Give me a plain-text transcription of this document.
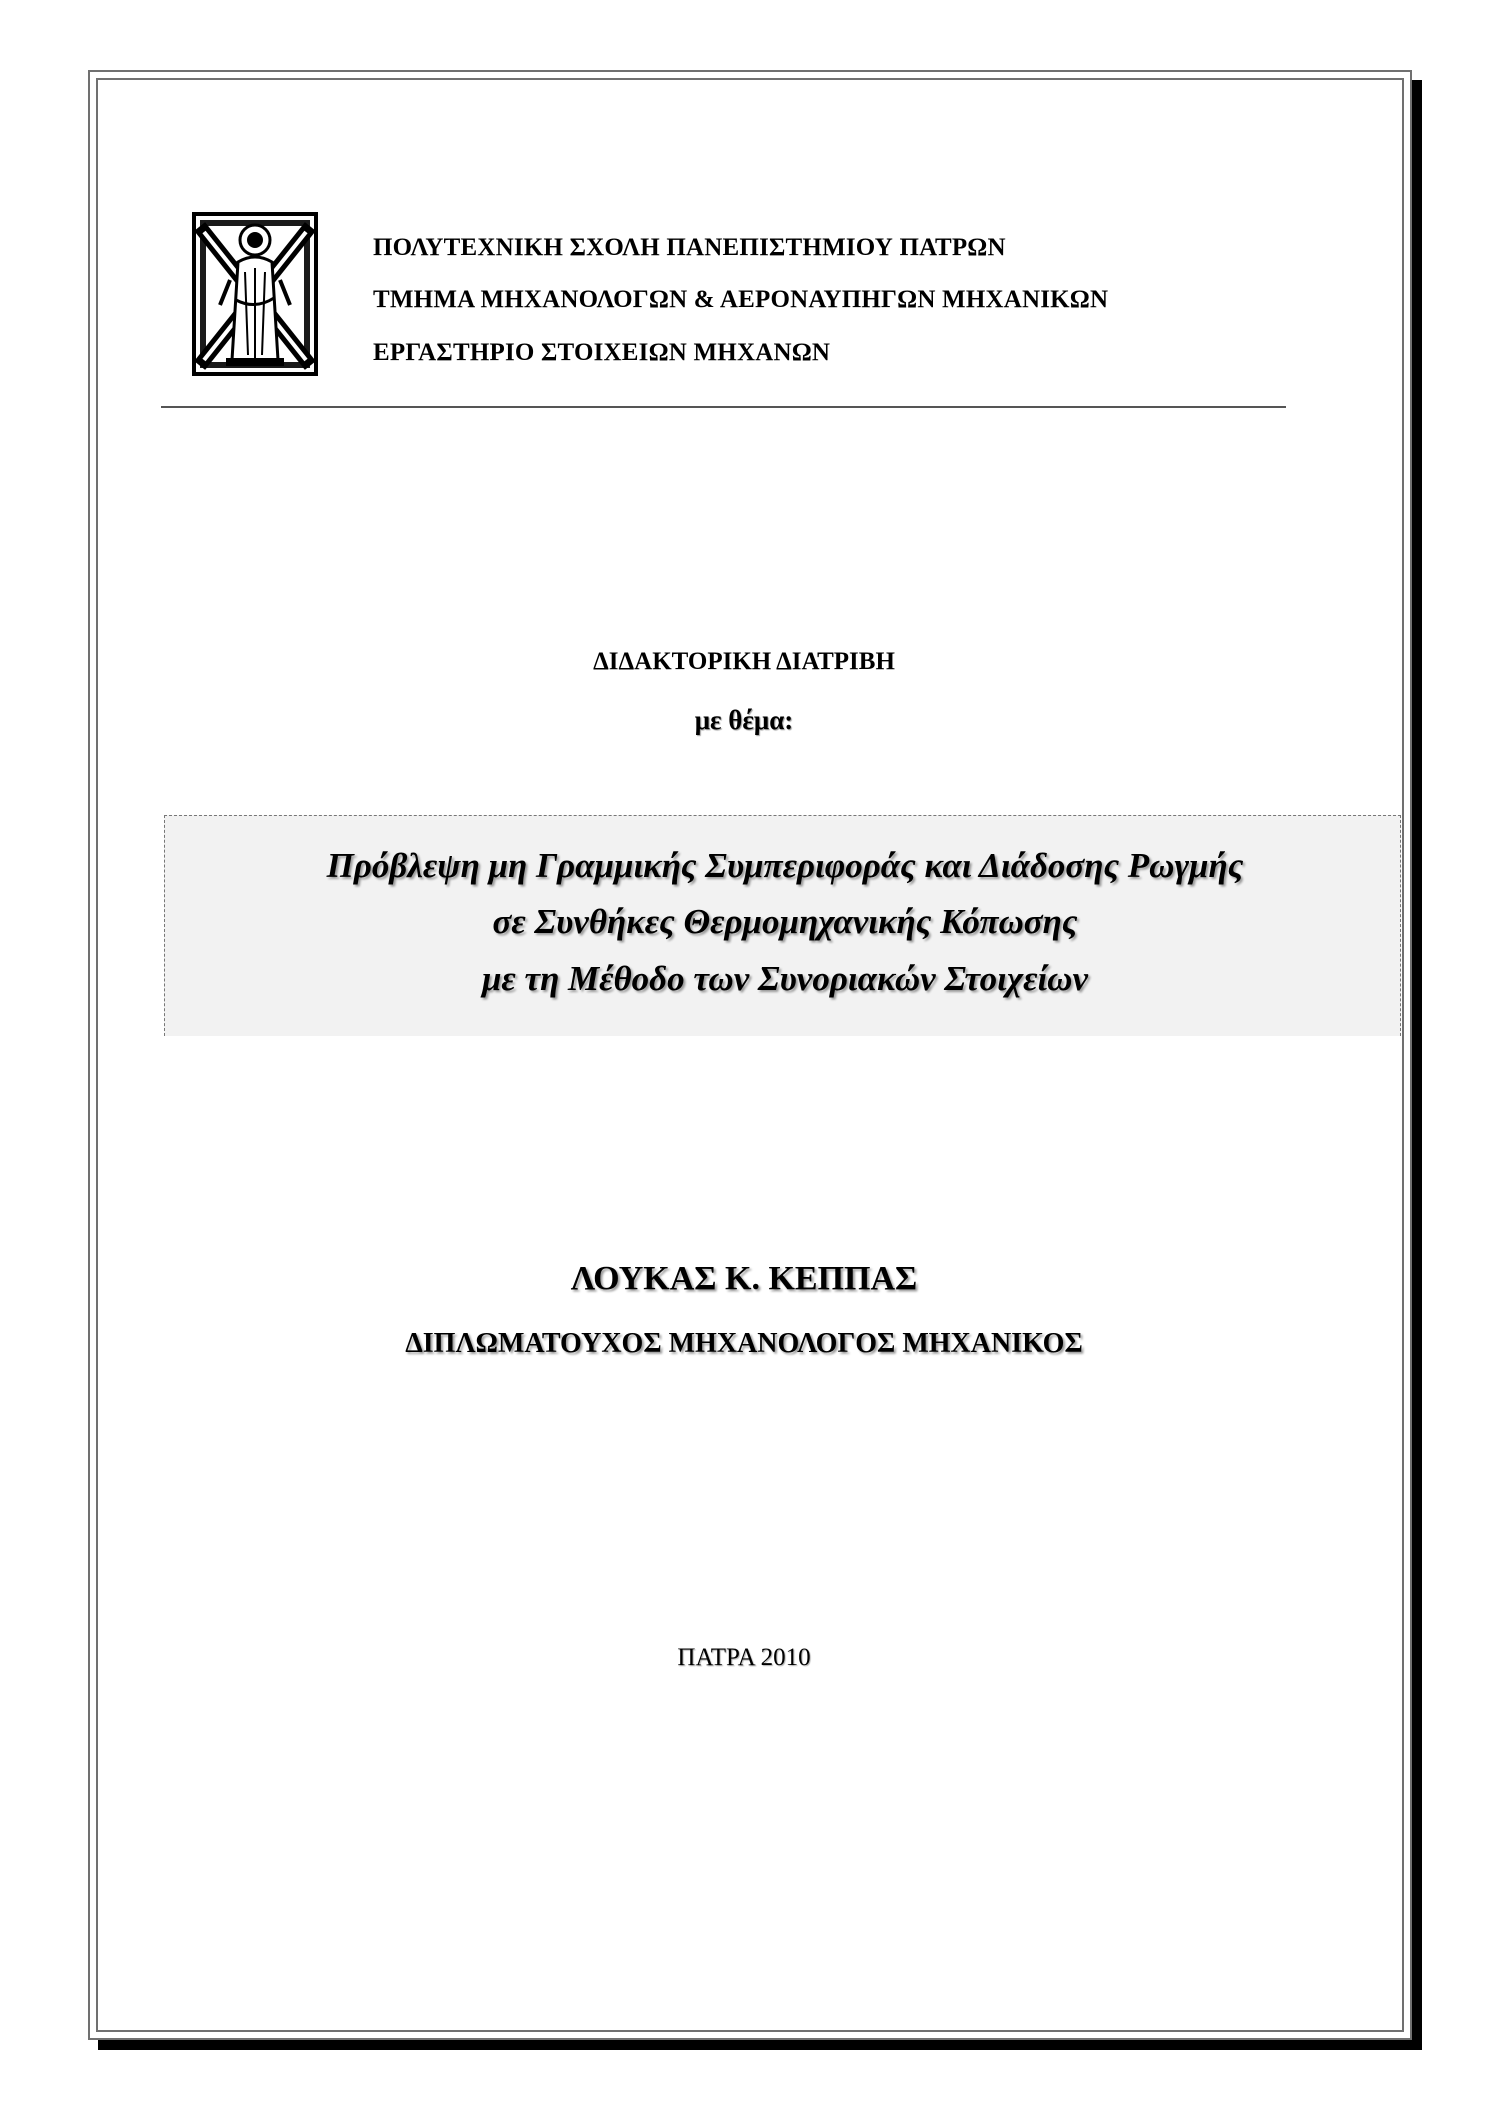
ΠΟΛΥΤΕΧΝΙΚΗ ΣΧΟΛΗ ΠΑΝΕΠΙΣΤΗΜΙΟΥ ΠΑΤΡΩΝ
ΤΜΗΜΑ ΜΗΧΑΝΟΛΟΓΩΝ & ΑΕΡΟΝΑΥΠΗΓΩΝ ΜΗΧΑΝΙΚΩΝ
ΕΡΓΑΣΤΗΡΙΟ ΣΤΟΙΧΕΙΩΝ ΜΗΧΑΝΩΝ
ΔΙΔΑΚΤΟΡΙΚΗ ΔΙΑΤΡΙΒΗ
με θέμα:
Πρόβλεψη μη Γραμμικής Συμπεριφοράς και Διάδοσης Ρωγμής
σε Συνθήκες Θερμομηχανικής Κόπωσης
με τη Μέθοδο των Συνοριακών Στοιχείων
ΛΟΥΚΑΣ Κ. ΚΕΠΠΑΣ
ΔΙΠΛΩΜΑΤΟΥΧΟΣ ΜΗΧΑΝΟΛΟΓΟΣ ΜΗΧΑΝΙΚΟΣ
ΠΑΤΡΑ 2010
